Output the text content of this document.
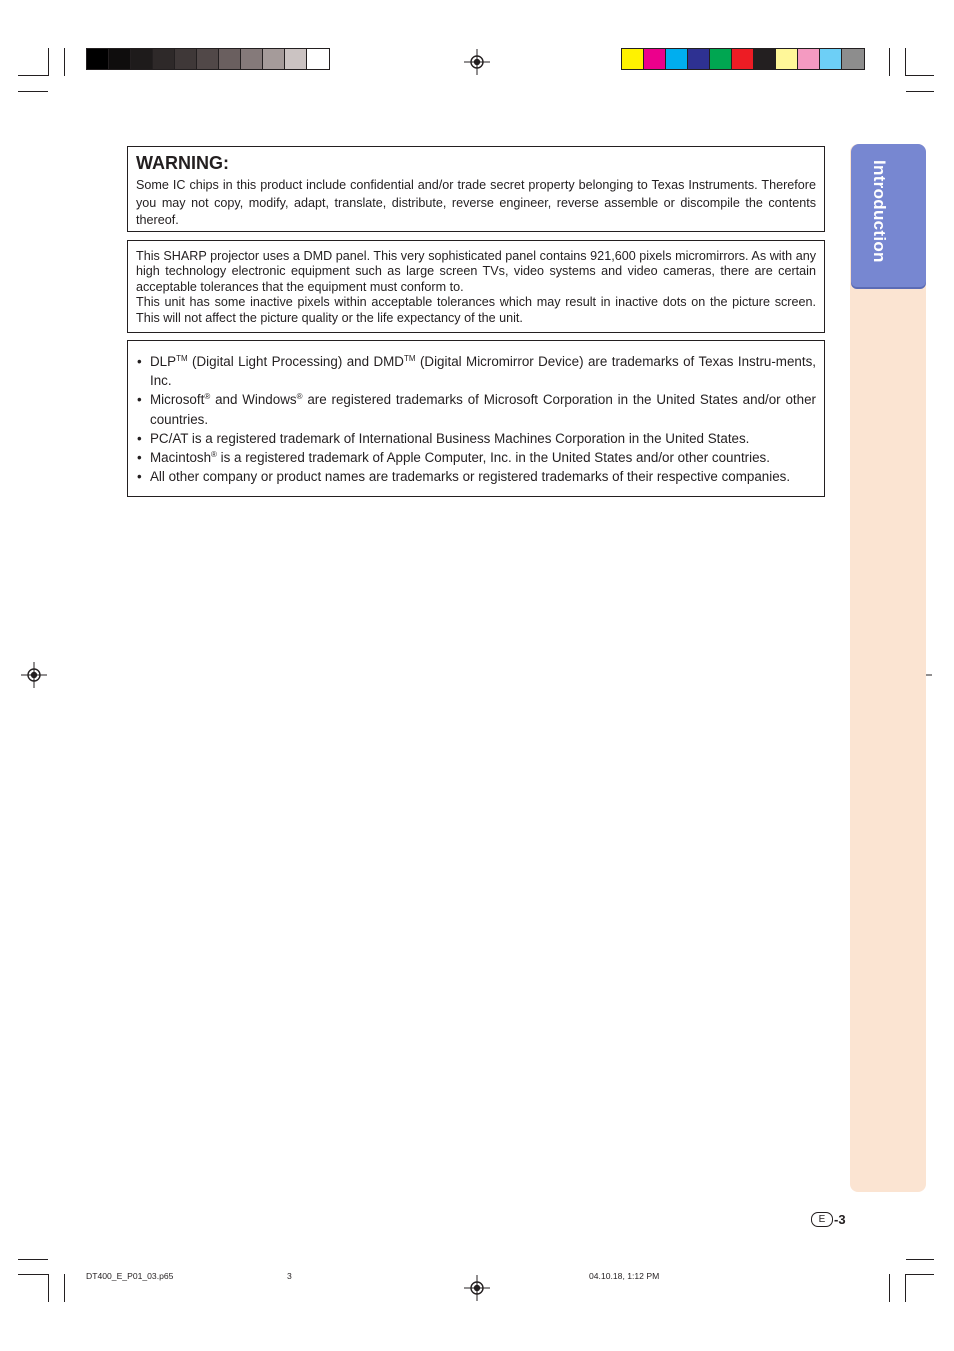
Introduction

WARNING:

Some IC chips in this product include confidential and/or trade secret property belonging to Texas Instruments. Therefore you may not copy, modify, adapt, translate, distribute, reverse engineer, reverse assemble or discompile the contents thereof.

This SHARP projector uses a DMD panel. This very sophisticated panel contains 921,600 pixels micromirrors. As with any high technology electronic equipment such as large screen TVs, video systems and video cameras, there are certain acceptable tolerances that the equipment must conform to.

This unit has some inactive pixels within acceptable tolerances which may result in inactive dots on the picture screen. This will not affect the picture quality or the life expectancy of the unit.

• DLP™ (Digital Light Processing) and DMD™ (Digital Micromirror Device) are trademarks of Texas Instru-ments, Inc.
• Microsoft® and Windows® are registered trademarks of Microsoft Corporation in the United States and/or other countries.
• PC/AT is a registered trademark of International Business Machines Corporation in the United States.
• Macintosh® is a registered trademark of Apple Computer, Inc. in the United States and/or other countries.
• All other company or product names are trademarks or registered trademarks of their respective companies.
E -3
DT400_E_P01_03.p65	3	04.10.18, 1:12 PM
